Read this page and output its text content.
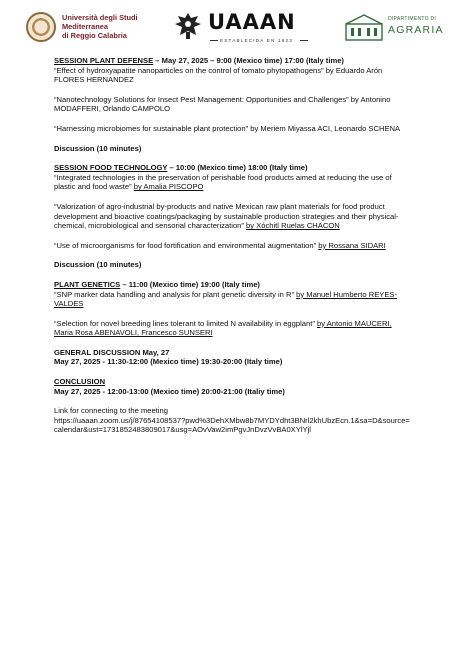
Università degli Studi
Mediterranea
di Reggio Calabria
UAAAN
ESTABLECIDA EN 1923
DIPARTIMENTO DI
AGRARIA

SESSION PLANT DEFENSE – May 27, 2025 – 9:00 (Mexico time) 17:00 (Italy time)

“Effect of hydroxyapatite nanoparticles on the control of tomato phytopathogens” by Eduardo Arón FLORES HERNANDEZ

“Nanotechnology Solutions for Insect Pest Management: Opportunities and Challenges” by Antonino MODAFFERI, Orlando CAMPOLO

“Harnessing microbiomes for sustainable plant protection” by Meriem Miyassa ACI, Leonardo SCHENA

Discussion (10 minutes)

SESSION FOOD TECHNOLOGY – 10:00 (Mexico time) 18:00 (Italy time)

“Integrated technologies in the preservation of perishable food products aimed at reducing the use of plastic and food waste” by Amalia PISCOPO

“Valorization of agro-industrial by-products and native Mexican raw plant materials for food product development and bioactive coatings/packaging by sustainable production strategies and their physical-chemical, microbiological and sensorial characterization” by Xóchitl Ruelas CHACON

“Use of microorganisms for food fortification and environmental augmentation” by Rossana SIDARI

Discussion (10 minutes)

PLANT GENETICS – 11:00 (Mexico time) 19:00 (Italy time)

“SNP marker data handling and analysis for plant genetic diversity in R” by Manuel Humberto REYES-VALDES

“Selection for novel breeding lines tolerant to limited N availability in eggplant” by Antonio MAUCERI, Maria Rosa ABENAVOLI, Francesco SUNSERI

GENERAL DISCUSSION May, 27

May 27, 2025 - 11:30-12:00 (Mexico time) 19:30-20:00 (Italy time)

CONCLUSION

May 27, 2025 - 12:00-13:00 (Mexico time) 20:00-21:00 (Italiy time)

Link for connecting to the meeting

https://uaaan.zoom.us/j/87654108537?pwd%3DehXMbw8b7MYDYdht3BNrl2khUbzEcn.1&sa=D&source=calendar&ust=1731852483809017&usg=AOvVaw2imPgvJnDvzVvBA0XYlYjl
